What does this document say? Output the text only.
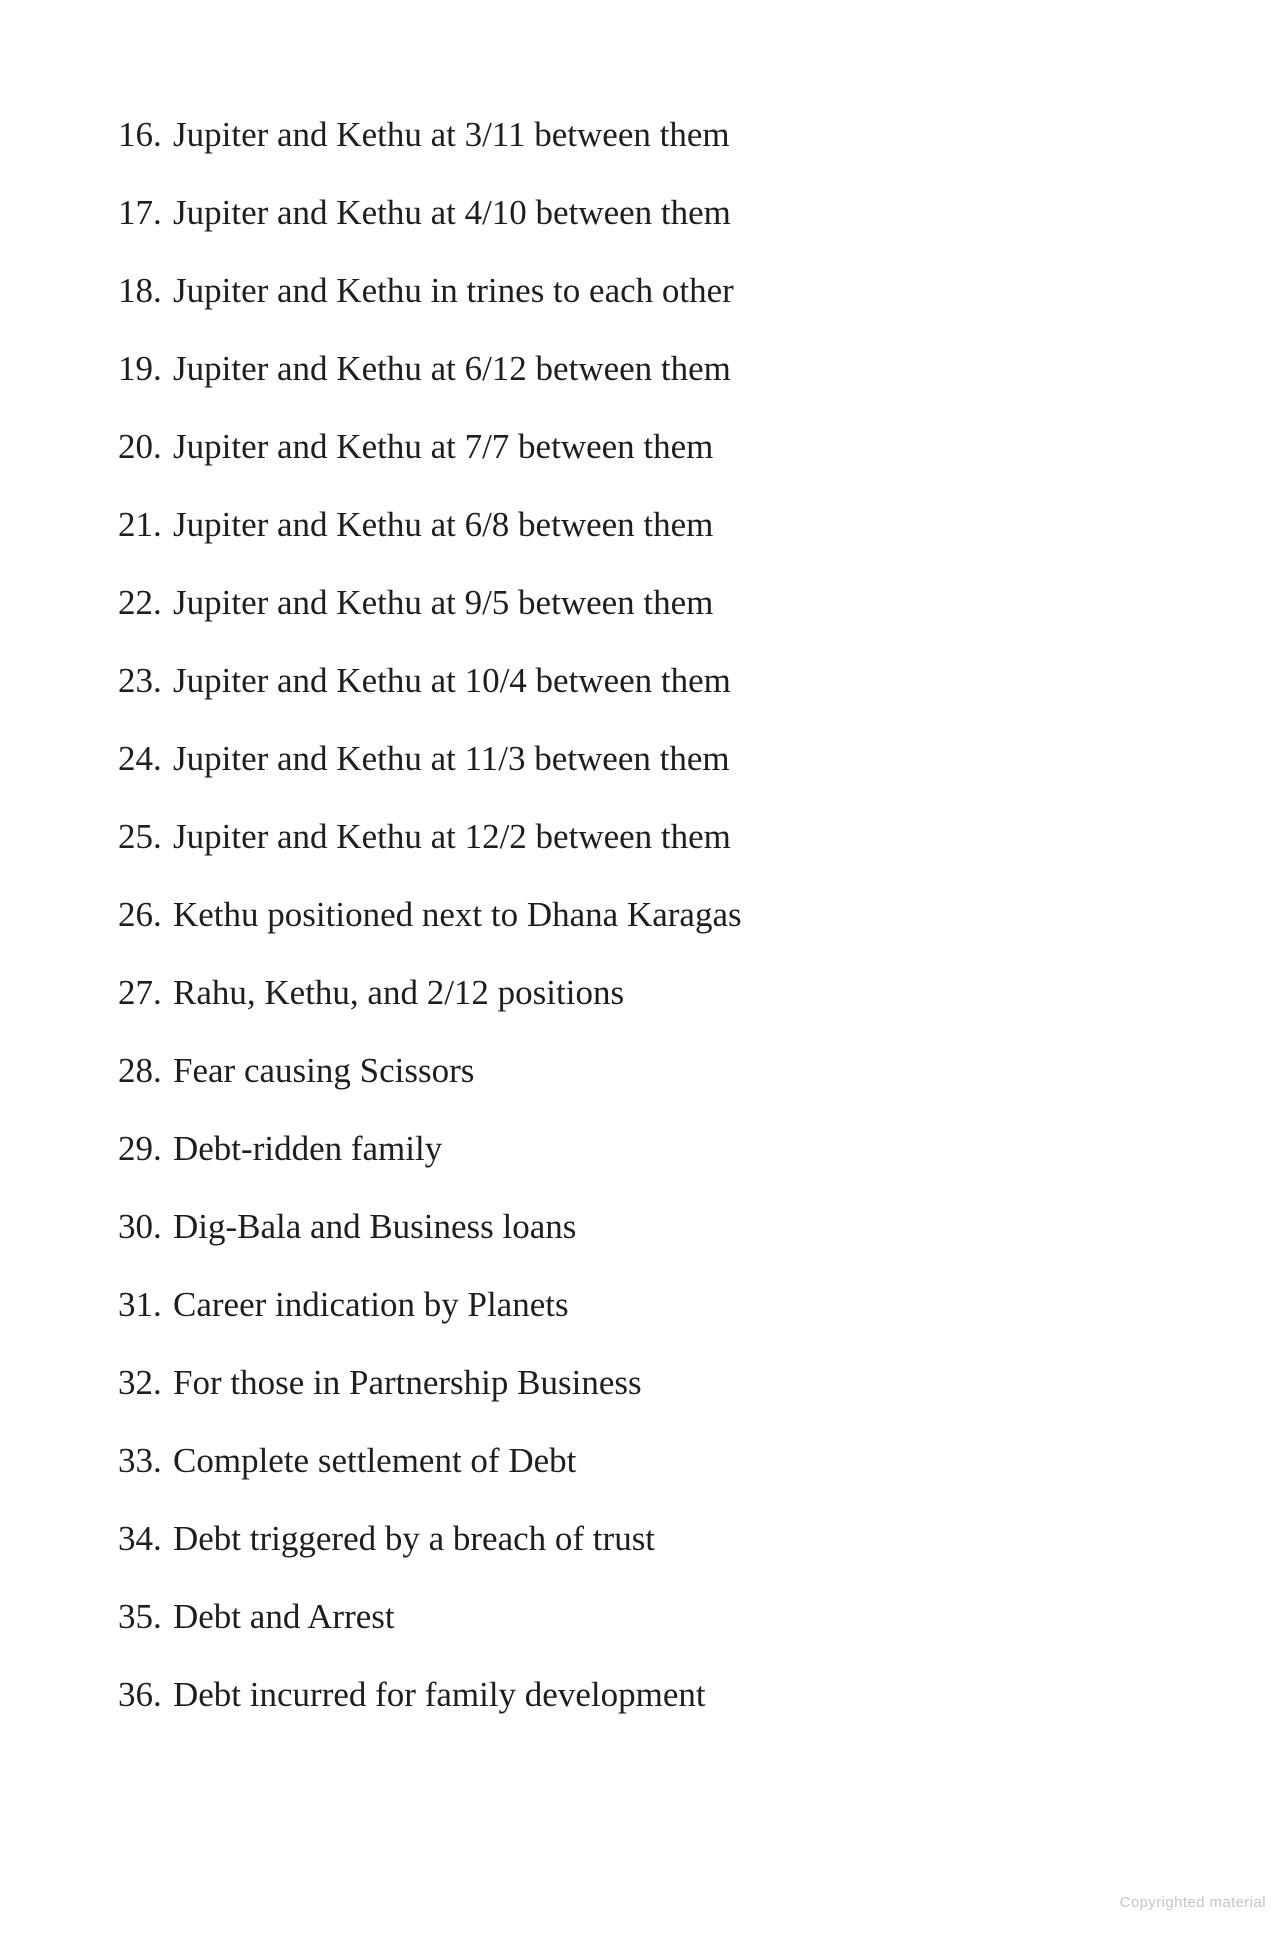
16. Jupiter and Kethu at 3/11 between them
17. Jupiter and Kethu at 4/10 between them
18. Jupiter and Kethu in trines to each other
19. Jupiter and Kethu at 6/12 between them
20. Jupiter and Kethu at 7/7 between them
21. Jupiter and Kethu at 6/8 between them
22. Jupiter and Kethu at 9/5 between them
23. Jupiter and Kethu at 10/4 between them
24. Jupiter and Kethu at 11/3 between them
25. Jupiter and Kethu at 12/2 between them
26. Kethu positioned next to Dhana Karagas
27. Rahu, Kethu, and 2/12 positions
28. Fear causing Scissors
29. Debt-ridden family
30. Dig-Bala and Business loans
31. Career indication by Planets
32. For those in Partnership Business
33. Complete settlement of Debt
34. Debt triggered by a breach of trust
35. Debt and Arrest
36. Debt incurred for family development
Copyrighted material
